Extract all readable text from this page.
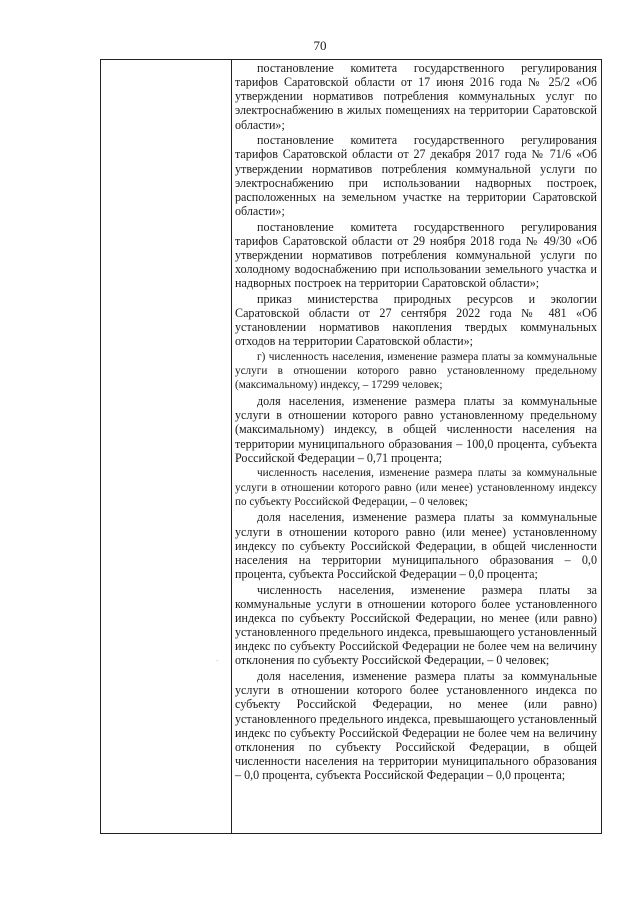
70
·

постановление комитета государственного регулирования тарифов Саратовской области от 17 июня 2016 года № 25/2 «Об утверждении нормативов потребления коммунальных услуг по электроснабжению в жилых помещениях на территории Саратовской области»;

постановление комитета государственного регулирования тарифов Саратовской области от 27 декабря 2017 года № 71/6 «Об утверждении нормативов потребления коммунальной услуги по электроснабжению при использовании надворных построек, расположенных на земельном участке на территории Саратовской области»;

постановление комитета государственного регулирования тарифов Саратовской области от 29 ноября 2018 года № 49/30 «Об утверждении нормативов потребления коммунальной услуги по холодному водоснабжению при использовании земельного участка и надворных построек на территории Саратовской области»;

приказ министерства природных ресурсов и экологии Саратовской области от 27 сентября 2022 года № 481 «Об установлении нормативов накопления твердых коммунальных отходов на территории Саратовской области»;

г) численность населения, изменение размера платы за коммунальные услуги в отношении которого равно установленному предельному (максимальному) индексу, – 17299 человек;

доля населения, изменение размера платы за коммунальные услуги в отношении которого равно установленному предельному (максимальному) индексу, в общей численности населения на территории муниципального образования – 100,0 процента, субъекта Российской Федерации – 0,71 процента;

численность населения, изменение размера платы за коммунальные услуги в отношении которого равно (или менее) установленному индексу по субъекту Российской Федерации, – 0 человек;

доля населения, изменение размера платы за коммунальные услуги в отношении которого равно (или менее) установленному индексу по субъекту Российской Федерации, в общей численности населения на территории муниципального образования – 0,0 процента, субъекта Российской Федерации – 0,0 процента;

численность населения, изменение размера платы за коммунальные услуги в отношении которого более установленного индекса по субъекту Российской Федерации, но менее (или равно) установленного предельного индекса, превышающего установленный индекс по субъекту Российской Федерации не более чем на величину отклонения по субъекту Российской Федерации, – 0 человек;

доля населения, изменение размера платы за коммунальные услуги в отношении которого более установленного индекса по субъекту Российской Федерации, но менее (или равно) установленного предельного индекса, превышающего установленный индекс по субъекту Российской Федерации не более чем на величину отклонения по субъекту Российской Федерации, в общей численности населения на территории муниципального образования – 0,0 процента, субъекта Российской Федерации – 0,0 процента;
